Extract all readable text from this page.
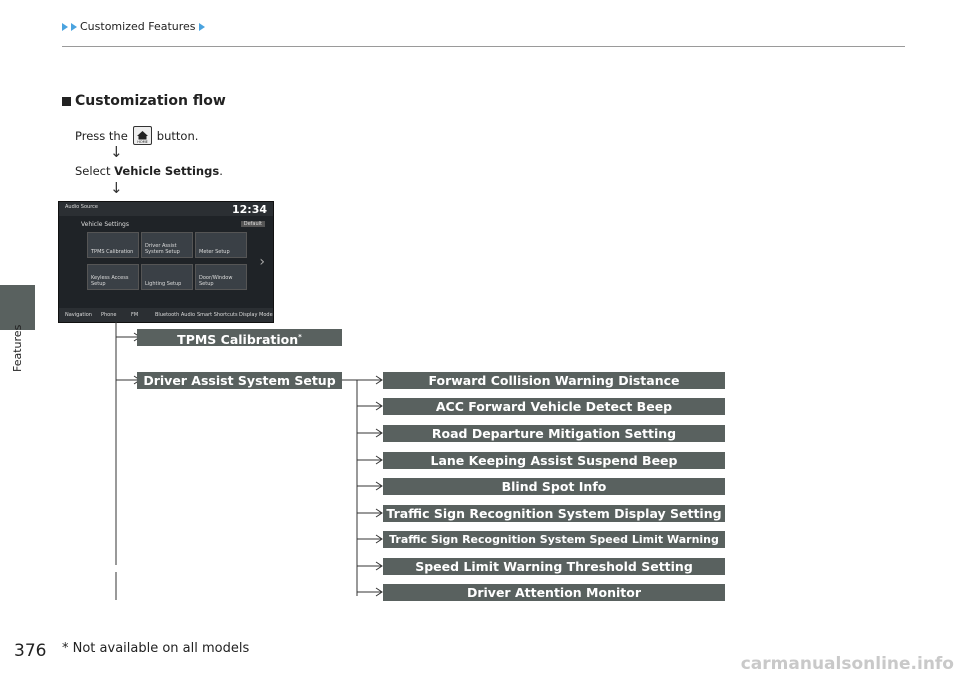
Customized Features
Features
Customization flow
Press the	HOME button.
↓
Select
Vehicle Settings .
↓
Audio Source	12:34
Vehicle Settings	Default
TPMS Calibration
Driver Assist System Setup	Meter Setup
Keyless Access Setup	Lighting Setup
Door/Window Setup
›
Navigation Phone	FM	Bluetooth Audio Smart Shortcuts Display Mode
TPMS Calibration*
Driver Assist System Setup	Forward Collision Warning Distance
ACC Forward Vehicle Detect Beep
Road Departure Mitigation Setting
Lane Keeping Assist Suspend Beep
Blind Spot Info
Traffic Sign Recognition System Display Setting
Traffic Sign Recognition System Speed Limit Warning
Speed Limit Warning Threshold Setting
Driver Attention Monitor
376 * Not available on all models
carmanualsonline.info
